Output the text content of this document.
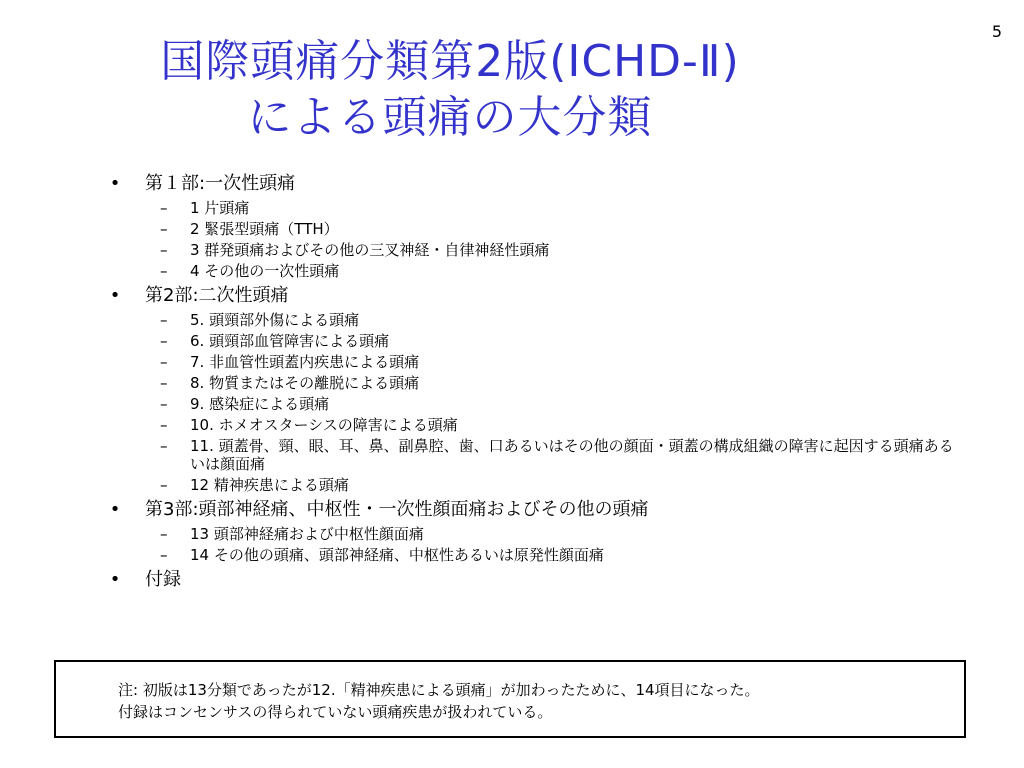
5
国際頭痛分類第2版(ICHD-Ⅱ)
による頭痛の大分類
• 第１部:一次性頭痛
– 1 片頭痛
– 2 緊張型頭痛（TTH）
– 3 群発頭痛およびその他の三叉神経・自律神経性頭痛
– 4 その他の一次性頭痛
• 第2部:二次性頭痛
– 5. 頭頸部外傷による頭痛
– 6. 頭頸部血管障害による頭痛
– 7. 非血管性頭蓋内疾患による頭痛
– 8. 物質またはその離脱による頭痛
– 9. 感染症による頭痛
– 10. ホメオスターシスの障害による頭痛
– 11. 頭蓋骨、頸、眼、耳、鼻、副鼻腔、歯、口あるいはその他の顔面・頭蓋の構成組織の障害に起因する頭痛あるいは顔面痛
– 12 精神疾患による頭痛
• 第3部:頭部神経痛、中枢性・一次性顔面痛およびその他の頭痛
– 13 頭部神経痛および中枢性顔面痛
– 14 その他の頭痛、頭部神経痛、中枢性あるいは原発性顔面痛
• 付録
注: 初版は13分類であったが12.「精神疾患による頭痛」が加わったために、14項目になった。
付録はコンセンサスの得られていない頭痛疾患が扱われている。
